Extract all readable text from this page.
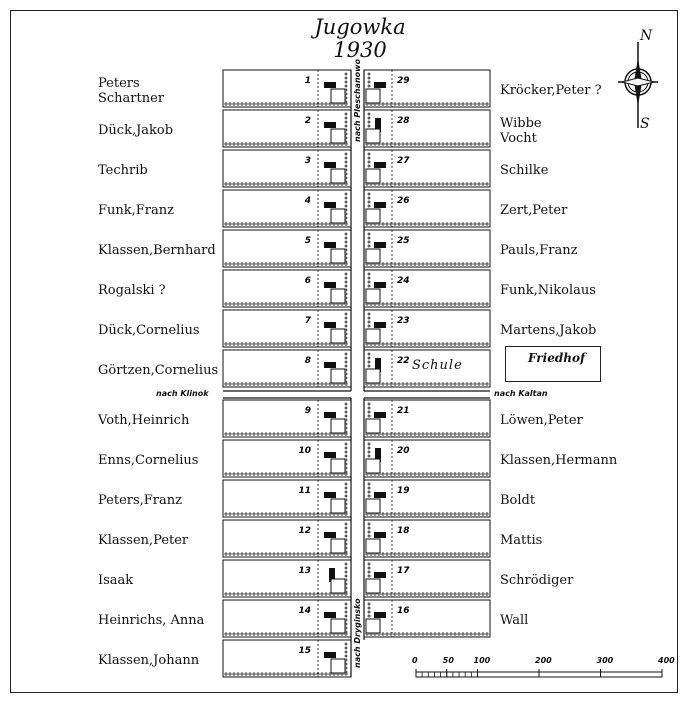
Jugowka
1930
1
2
3
4
5
6
7
8
9
10
11
12
13
14
15
29
28
27
26
25
24
23
22
21
20
19
18
17
16
Peters
Schartner
Dück,Jakob
Techrib
Funk,Franz
Klassen,Bernhard
Rogalski ?
Dück,Cornelius
Görtzen,Cornelius
Voth,Heinrich
Enns,Cornelius
Peters,Franz
Klassen,Peter
Isaak
Heinrichs, Anna
Klassen,Johann
Kröcker,Peter ?
Wibbe
Vocht
Schilke
Zert,Peter
Pauls,Franz
Funk,Nikolaus
Martens,Jakob
Löwen,Peter
Klassen,Hermann
Boldt
Mattis
Schrödiger
Wall
nach Pleschanowo
nach Dryginsko
nach Klinok	nach Kaltan
Schule	Friedhof
N
S
0	50 100	200	300	400
